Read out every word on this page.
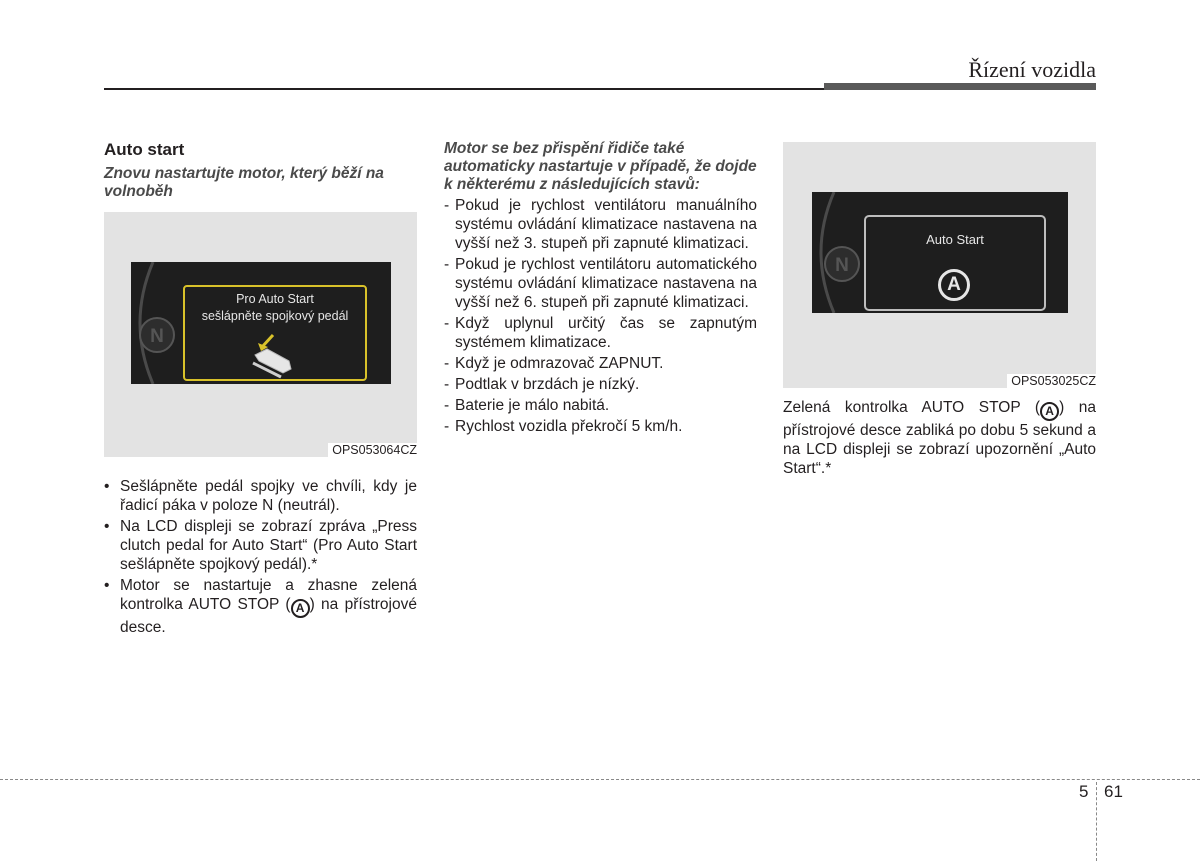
Řízení vozidla
Auto start
Znovu nastartujte motor, který běží na volnoběh
N
Pro Auto Start
sešlápněte spojkový pedál
OPS053064CZ
• Sešlápněte pedál spojky ve chvíli, kdy je řadicí páka v poloze N (neutrál).
• Na LCD displeji se zobrazí zpráva „Press clutch pedal for Auto Start“ (Pro Auto Start sešlápněte spojkový pedál).*
• Motor se nastartuje a zhasne zelená kontrolka AUTO STOP ( A ) na přístrojové desce.
Motor se bez přispění řidiče také automaticky nastartuje v případě, že dojde k některému z následujících stavů:
- Pokud je rychlost ventilátoru manuálního systému ovládání klimatizace nastavena na vyšší než 3. stupeň při zapnuté klimatizaci.
- Pokud je rychlost ventilátoru automatického systému ovládání klimatizace nastavena na vyšší než 6. stupeň při zapnuté klimatizaci.
- Když uplynul určitý čas se zapnutým systémem klimatizace.
- Když je odmrazovač ZAPNUT.
- Podtlak v brzdách je nízký.
- Baterie je málo nabitá.
- Rychlost vozidla překročí 5 km/h.
N
Auto Start
A
OPS053025CZ
Zelená kontrolka AUTO STOP ( A ) na přístrojové desce zabliká po dobu 5 sekund a na LCD displeji se zobrazí upozornění „Auto Start“.*
5 61
